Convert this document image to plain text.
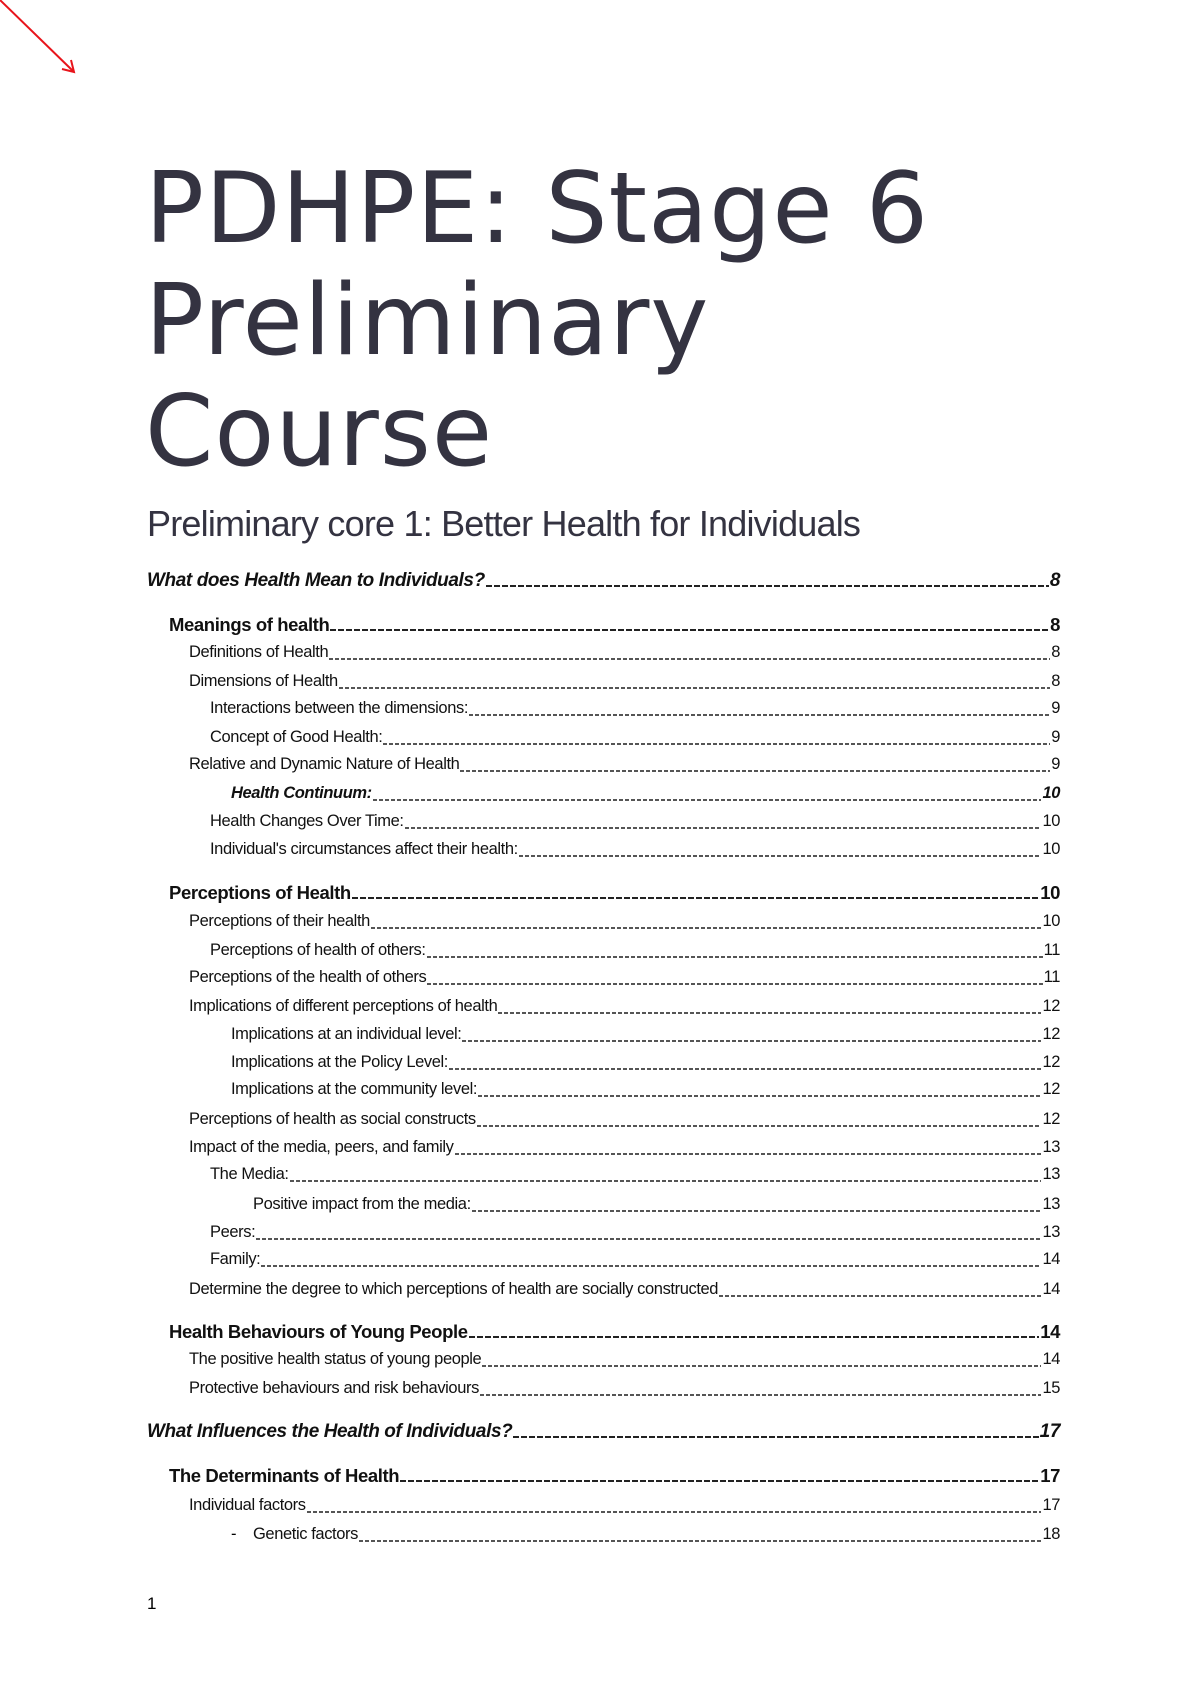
PDHPE: Stage 6
Preliminary
Course
Preliminary core 1: Better Health for Individuals
What does Health Mean to Individuals?	8
Meanings of health	8
Definitions of Health	8
Dimensions of Health	8
Interactions between the dimensions:	9
Concept of Good Health:	9
Relative and Dynamic Nature of Health	9
Health Continuum:	10
Health Changes Over Time:	10
Individual's circumstances affect their health:	10
Perceptions of Health	10
Perceptions of their health	10
Perceptions of health of others:	11
Perceptions of the health of others	11
Implications of different perceptions of health	12
Implications at an individual level:	12
Implications at the Policy Level:	12
Implications at the community level:	12
Perceptions of health as social constructs	12
Impact of the media, peers, and family	13
The Media:	13
Positive impact from the media:	13
Peers:	13
Family:	14
Determine the degree to which perceptions of health are socially constructed	14
Health Behaviours of Young People	14
The positive health status of young people	14
Protective behaviours and risk behaviours	15
What Influences the Health of Individuals?	17
The Determinants of Health	17
Individual factors	17
Genetic factors	18
-
1
